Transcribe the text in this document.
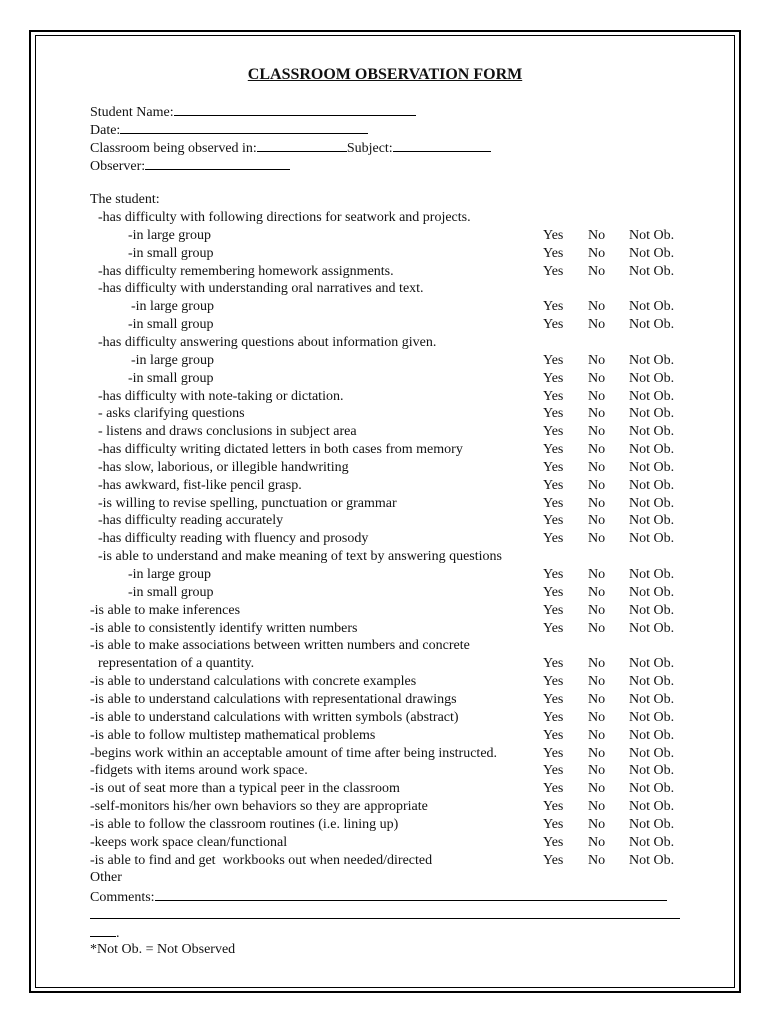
CLASSROOM OBSERVATION FORM
Student Name:
Date:
Classroom being observed in:	Subject:
Observer:
The student:
-has difficulty with following directions for seatwork and projects.
-in large group	Yes No Not Ob.
-in small group	Yes No Not Ob.
-has difficulty remembering homework assignments.	Yes No Not Ob.
-has difficulty with understanding oral narratives and text.
-in large group	Yes No Not Ob.
-in small group	Yes No Not Ob.
-has difficulty answering questions about information given.
-in large group	Yes No Not Ob.
-in small group	Yes No Not Ob.
-has difficulty with note-taking or dictation.	Yes No Not Ob.
- asks clarifying questions	Yes No Not Ob.
- listens and draws conclusions in subject area	Yes No Not Ob.
-has difficulty writing dictated letters in both cases from memory	Yes No Not Ob.
-has slow, laborious, or illegible handwriting	Yes No Not Ob.
-has awkward, fist-like pencil grasp.	Yes No Not Ob.
-is willing to revise spelling, punctuation or grammar	Yes No Not Ob.
-has difficulty reading accurately	Yes No Not Ob.
-has difficulty reading with fluency and prosody	Yes No Not Ob.
-is able to understand and make meaning of text by answering questions
-in large group	Yes No Not Ob.
-in small group	Yes No Not Ob.
-is able to make inferences	Yes No Not Ob.
-is able to consistently identify written numbers	Yes No Not Ob.
-is able to make associations between written numbers and concrete
representation of a quantity.	Yes No Not Ob.
-is able to understand calculations with concrete examples	Yes No Not Ob.
-is able to understand calculations with representational drawings	Yes No Not Ob.
-is able to understand calculations with written symbols (abstract)	Yes No Not Ob.
-is able to follow multistep mathematical problems	Yes No Not Ob.
-begins work within an acceptable amount of time after being instructed.	Yes No Not Ob.
-fidgets with items around work space.	Yes No Not Ob.
-is out of seat more than a typical peer in the classroom	Yes No Not Ob.
-self-monitors his/her own behaviors so they are appropriate	Yes No Not Ob.
-is able to follow the classroom routines (i.e. lining up)	Yes No Not Ob.
-keeps work space clean/functional	Yes No Not Ob.
-is able to find and get  workbooks out when needed/directed	Yes No Not Ob.
Other
Comments:
.
*Not Ob. = Not Observed
